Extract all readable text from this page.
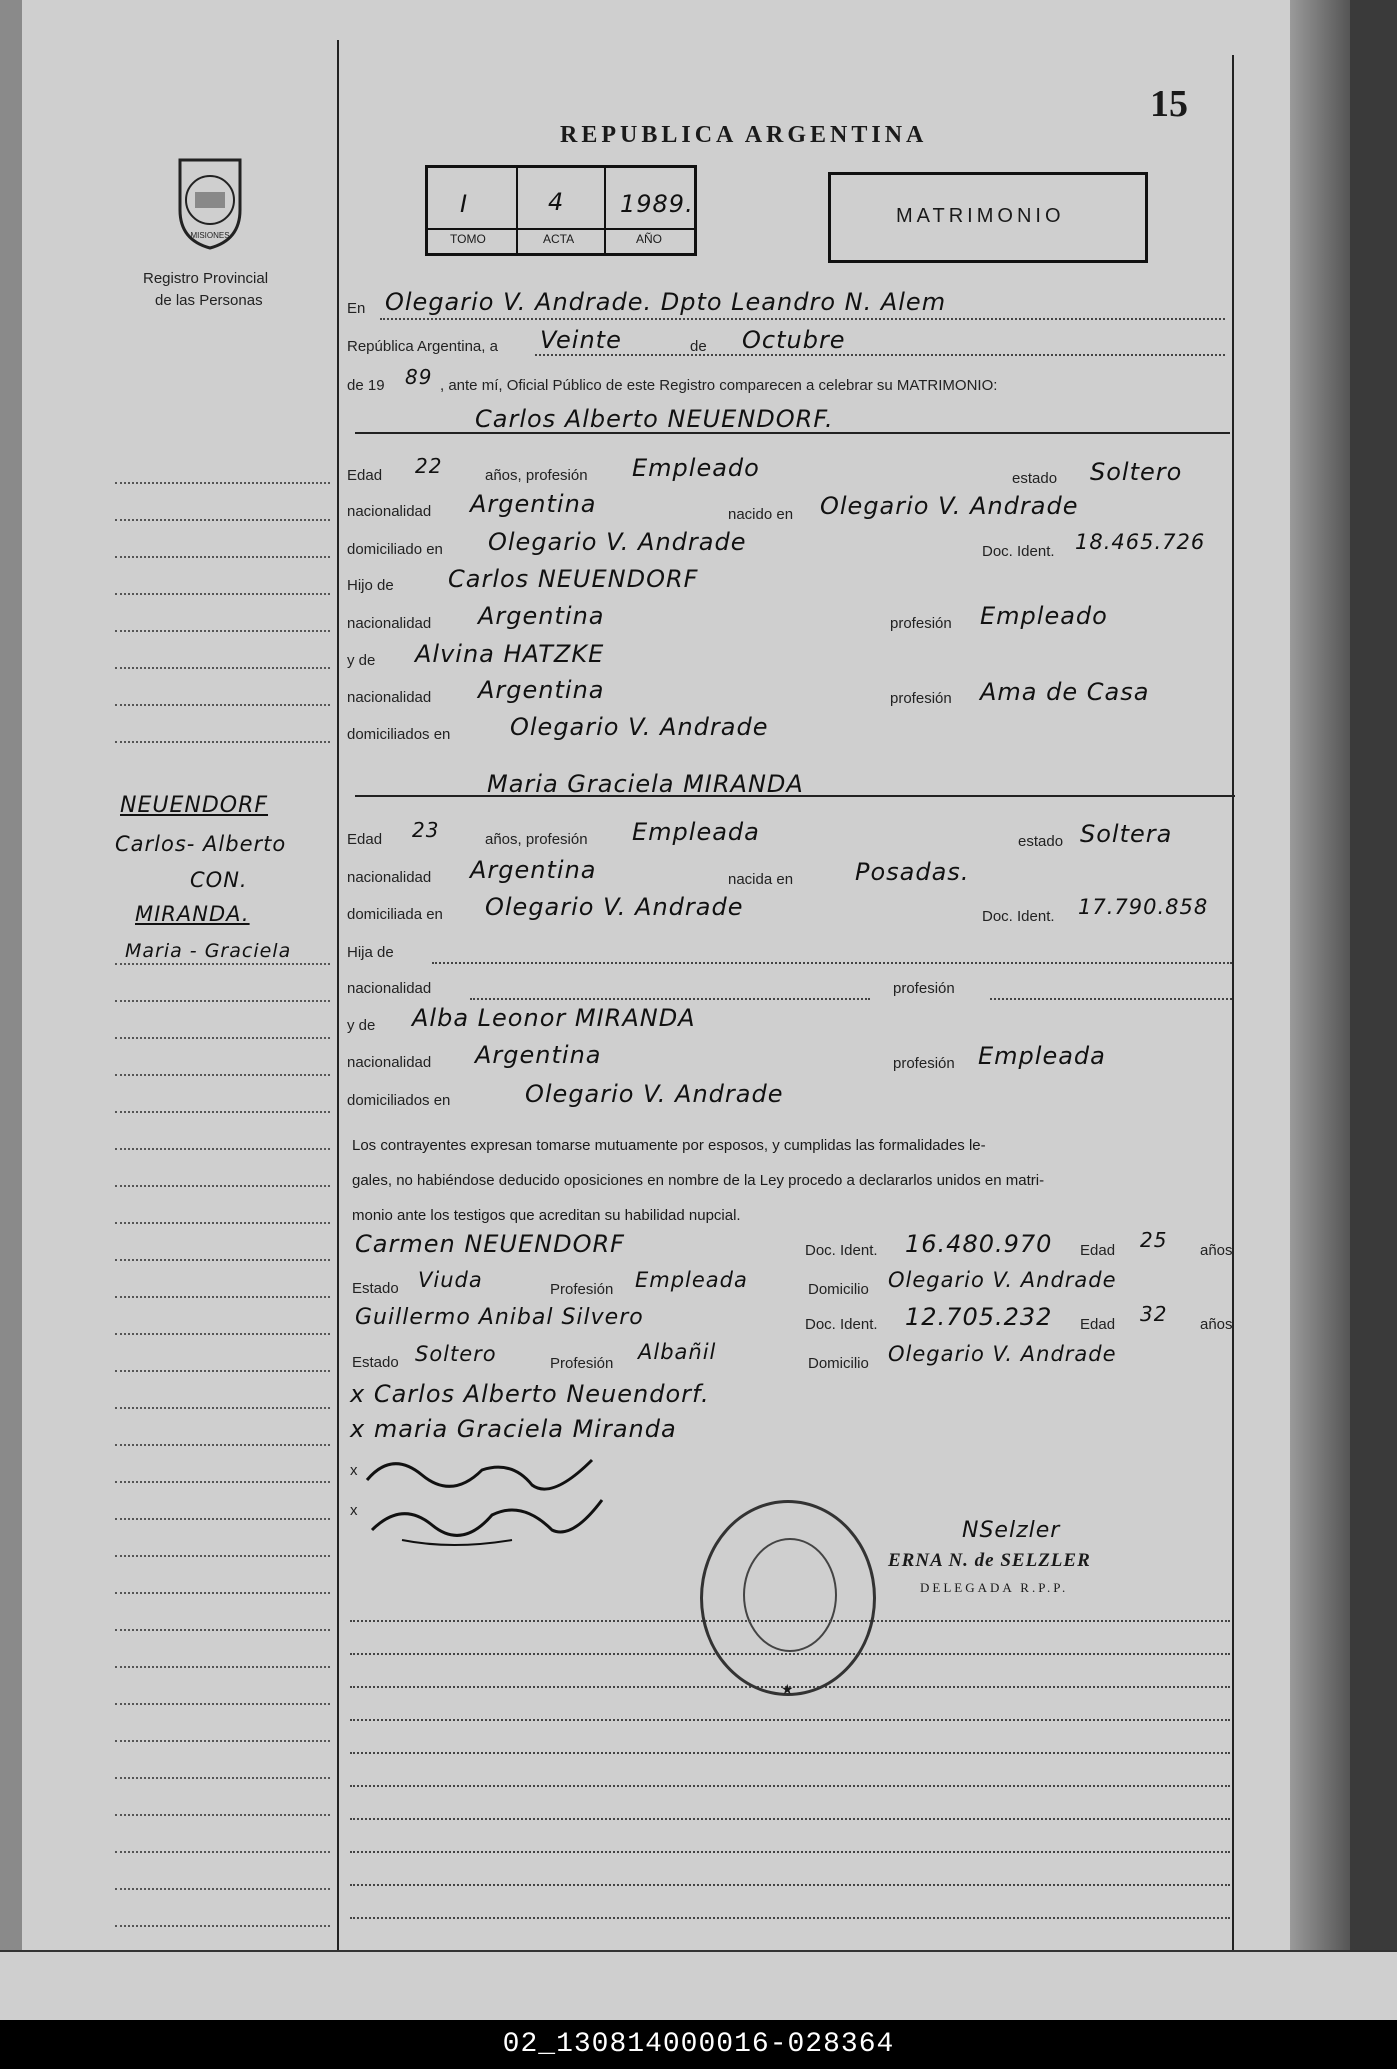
15
REPUBLICA ARGENTINA
MISIONES
Registro Provincial
de las Personas
I	4 1989.
TOMO	ACTA	AÑO
MATRIMONIO
NEUENDORF
Carlos- Alberto
CON.
MIRANDA.
Maria - Graciela
En Olegario V. Andrade. Dpto Leandro N. Alem
República Argentina, a Veinte	de Octubre
de 19 89 , ante mí, Oficial Público de este Registro comparecen a celebrar su MATRIMONIO:
Carlos Alberto NEUENDORF.
Edad 22	años, profesión Empleado	estado Soltero
nacionalidad Argentina	nacido en Olegario V. Andrade
domiciliado en Olegario V. Andrade	Doc. Ident. 18.465.726
Hijo de Carlos NEUENDORF
nacionalidad Argentina	profesión Empleado
y de Alvina HATZKE
nacionalidad Argentina	profesión Ama de Casa
domiciliados en Olegario V. Andrade
Maria Graciela MIRANDA
Edad 23	años, profesión Empleada	estado Soltera
nacionalidad Argentina	nacida en	Posadas.
domiciliada en Olegario V. Andrade	Doc. Ident. 17.790.858
Hija de
nacionalidad	profesión
y de Alba Leonor MIRANDA
nacionalidad Argentina	profesión Empleada
domiciliados en	Olegario V. Andrade
Los contrayentes expresan tomarse mutuamente por esposos, y cumplidas las formalidades le-
gales, no habiéndose deducido oposiciones en nombre de la Ley procedo a declararlos unidos en matri-
monio ante los testigos que acreditan su habilidad nupcial.
Carmen NEUENDORF	Doc. Ident. 16.480.970 Edad 25 años
Estado Viuda	Profesión Empleada	Domicilio Olegario V. Andrade
Guillermo Anibal Silvero	Doc. Ident. 12.705.232 Edad 32 años
Estado Soltero	Profesión Albañil	Domicilio Olegario V. Andrade
x Carlos Alberto Neuendorf.
x maria Graciela Miranda
x
x
★
NSelzler
ERNA N. de SELZLER
DELEGADA R.P.P.
02_130814000016-028364
